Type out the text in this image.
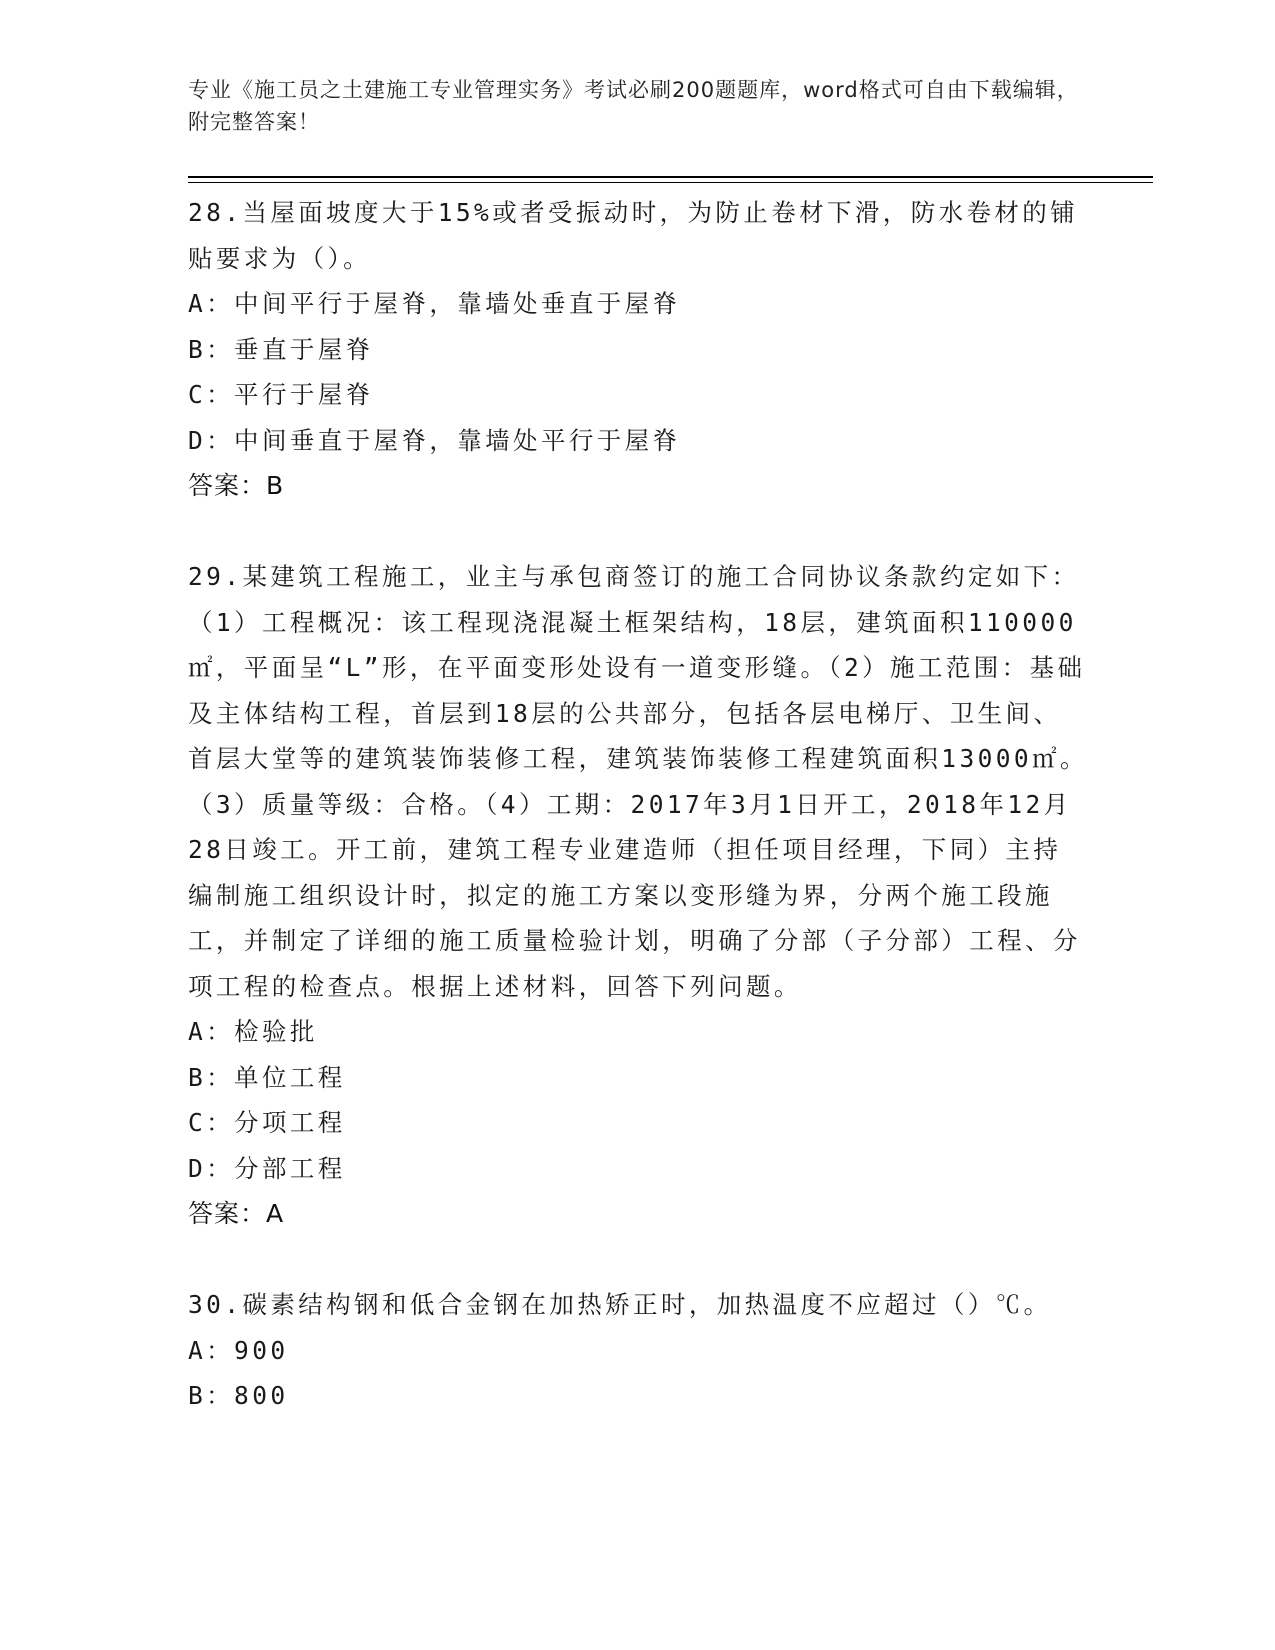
专业《施工员之土建施工专业管理实务》考试必刷200题题库，word格式可自由下载编辑，附完整答案！

28.当屋面坡度大于15%或者受振动时，为防止卷材下滑，防水卷材的铺贴要求为（）。

A：中间平行于屋脊，靠墙处垂直于屋脊

B：垂直于屋脊

C：平行于屋脊

D：中间垂直于屋脊，靠墙处平行于屋脊

答案：B

29.某建筑工程施工，业主与承包商签订的施工合同协议条款约定如下：（1）工程概况：该工程现浇混凝土框架结构，18层，建筑面积110000㎡，平面呈“L”形，在平面变形处设有一道变形缝。（2）施工范围：基础及主体结构工程，首层到18层的公共部分，包括各层电梯厅、卫生间、首层大堂等的建筑装饰装修工程，建筑装饰装修工程建筑面积13000㎡。（3）质量等级：合格。（4）工期：2017年3月1日开工，2018年12月28日竣工。开工前，建筑工程专业建造师（担任项目经理，下同）主持编制施工组织设计时，拟定的施工方案以变形缝为界，分两个施工段施工，并制定了详细的施工质量检验计划，明确了分部（子分部）工程、分项工程的检查点。根据上述材料，回答下列问题。

A：检验批

B：单位工程

C：分项工程

D：分部工程

答案：A

30.碳素结构钢和低合金钢在加热矫正时，加热温度不应超过（）℃。

A：900

B：800
